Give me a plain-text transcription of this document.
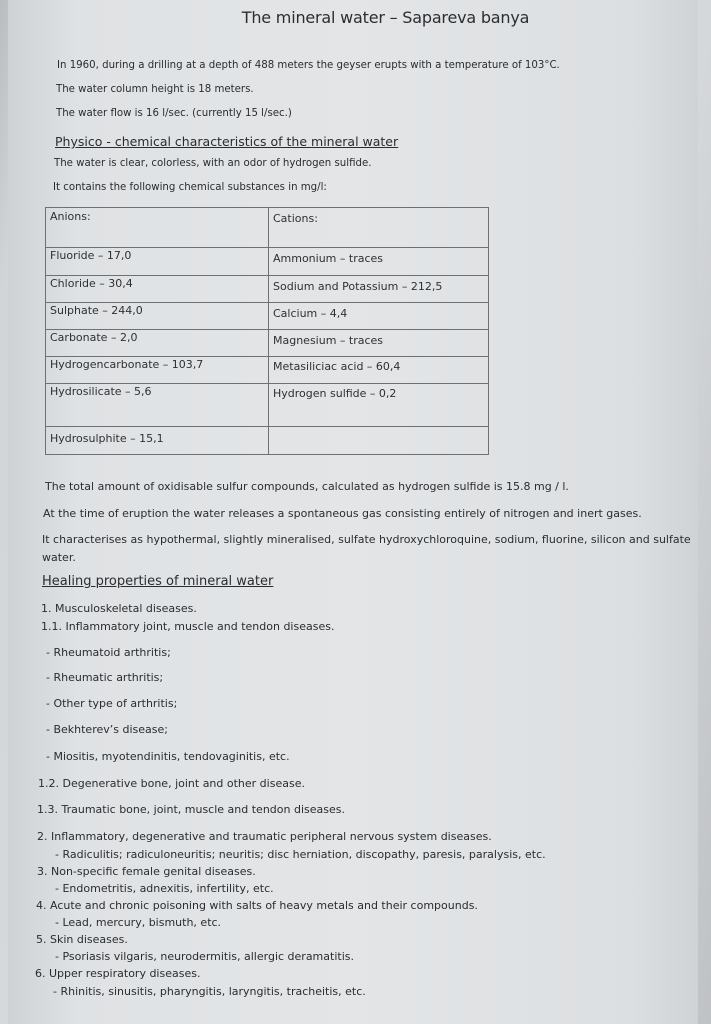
The mineral water – Sapareva banya
In 1960, during a drilling at a depth of 488 meters the geyser erupts with a temperature of 103°C.
The water column height is 18 meters.
The water flow is 16 l/sec. (currently 15 l/sec.)
Physico - chemical characteristics of the mineral water
The water is clear, colorless, with an odor of hydrogen sulfide.
It contains the following chemical substances in mg/l:
Anions:	Cations:
Fluoride – 17,0	Ammonium – traces
Chloride – 30,4	Sodium and Potassium – 212,5
Sulphate – 244,0	Calcium – 4,4
Carbonate – 2,0	Magnesium – traces
Hydrogencarbonate – 103,7	Metasiliciac acid – 60,4
Hydrosilicate – 5,6	Hydrogen sulfide – 0,2
Hydrosulphite – 15,1	
The total amount of oxidisable sulfur compounds, calculated as hydrogen sulfide is 15.8 mg / l.
At the time of eruption the water releases a spontaneous gas consisting entirely of nitrogen and inert gases.
It characterises as hypothermal, slightly mineralised, sulfate hydroxychloroquine, sodium, fluorine, silicon and sulfate water.
Healing properties of mineral water
1. Musculoskeletal diseases.
1.1. Inflammatory joint, muscle and tendon diseases.
- Rheumatoid arthritis;
- Rheumatic arthritis;
- Other type of arthritis;
- Bekhterev’s disease;
- Miositis, myotendinitis, tendovaginitis, etc.
1.2. Degenerative bone, joint and other disease.
1.3. Traumatic bone, joint, muscle and tendon diseases.
2. Inflammatory, degenerative and traumatic peripheral nervous system diseases.
- Radiculitis; radiculoneuritis; neuritis; disc herniation, discopathy, paresis, paralysis, etc.
3. Non-specific female genital diseases.
- Endometritis, adnexitis, infertility, etc.
4. Acute and chronic poisoning with salts of heavy metals and their compounds.
- Lead, mercury, bismuth, etc.
5. Skin diseases.
- Psoriasis vilgaris, neurodermitis, allergic deramatitis.
6. Upper respiratory diseases.
- Rhinitis, sinusitis, pharyngitis, laryngitis, tracheitis, etc.
